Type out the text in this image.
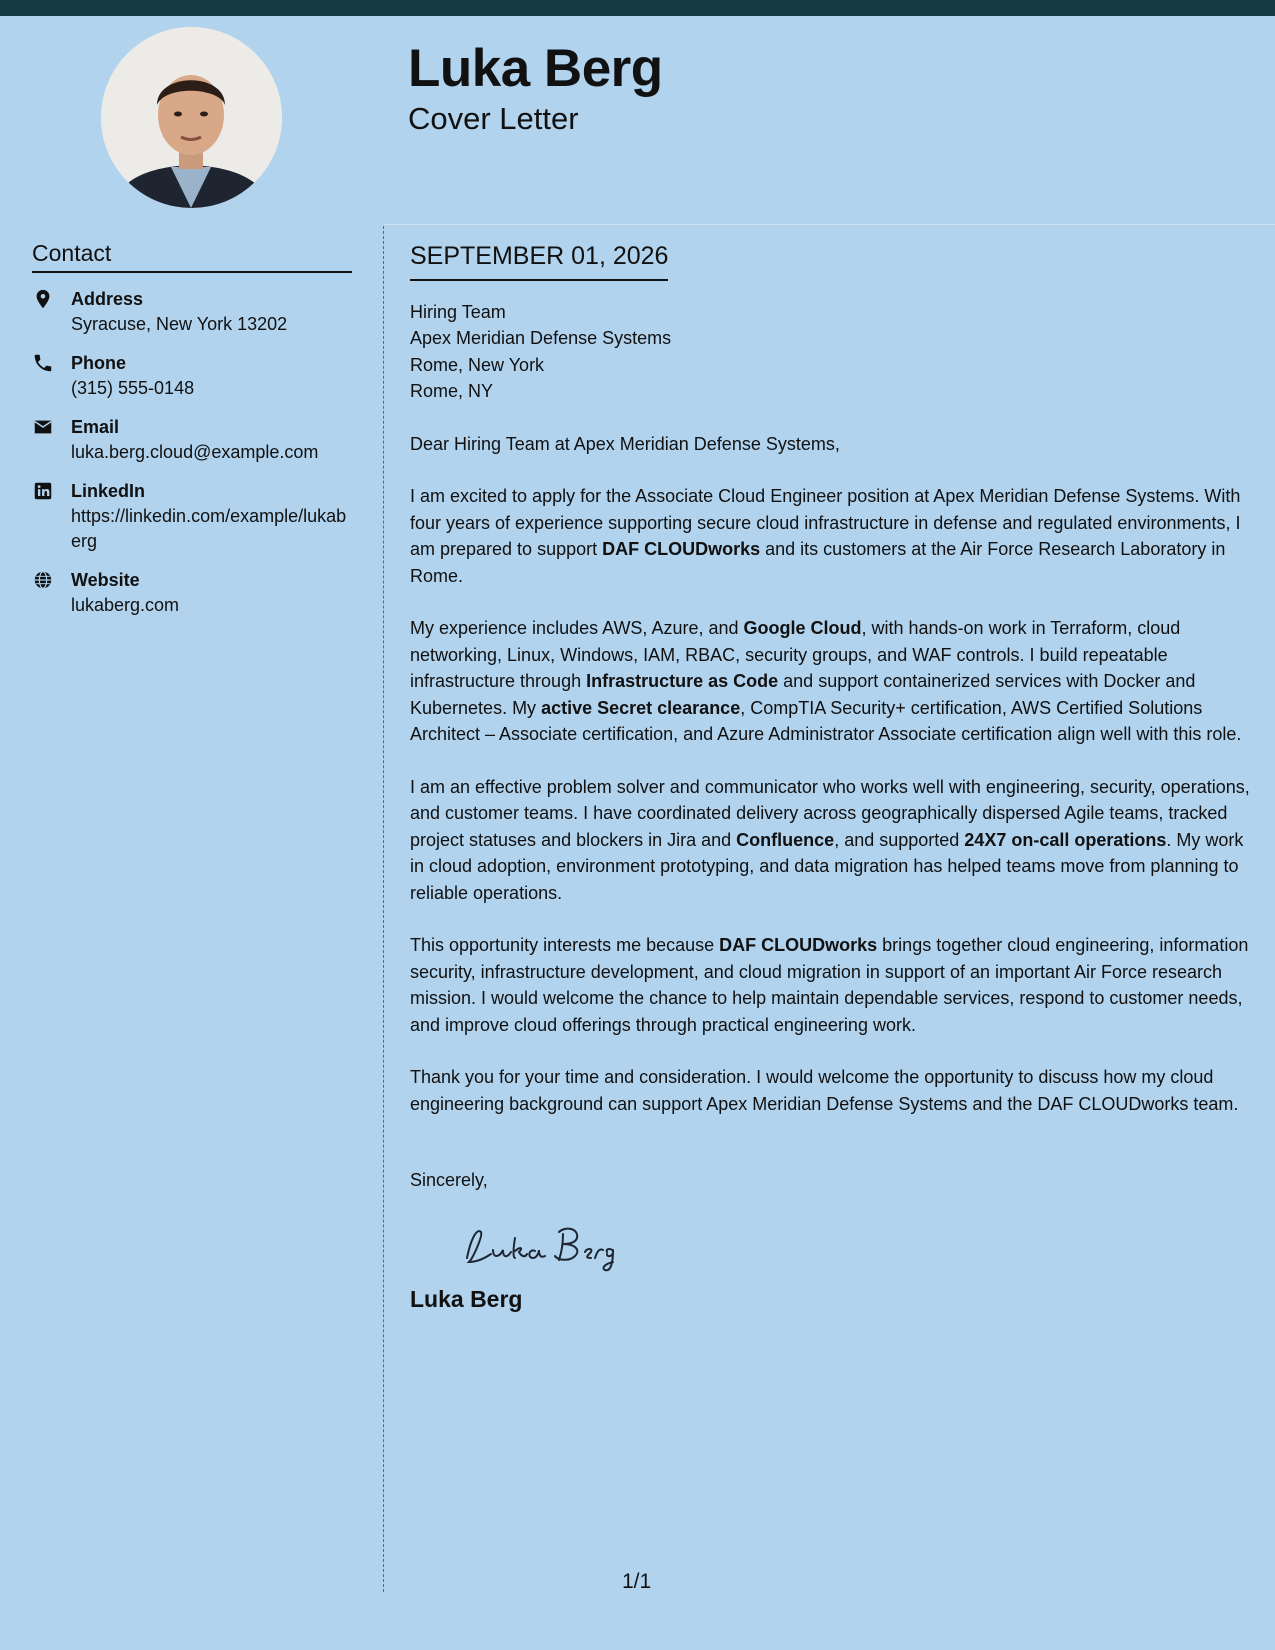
Luka Berg
Cover Letter
Contact
Address
Syracuse, New York 13202
Phone
(315) 555-0148
Email
luka.berg.cloud@example.com
LinkedIn
https://linkedin.com/example/lukaberg
Website
lukaberg.com
SEPTEMBER 01, 2026
Hiring Team
Apex Meridian Defense Systems
Rome, New York
Rome, NY
Dear Hiring Team at Apex Meridian Defense Systems,
I am excited to apply for the Associate Cloud Engineer position at Apex Meridian Defense Systems. With four years of experience supporting secure cloud infrastructure in defense and regulated environments, I am prepared to support DAF CLOUDworks and its customers at the Air Force Research Laboratory in Rome.
My experience includes AWS, Azure, and Google Cloud, with hands-on work in Terraform, cloud networking, Linux, Windows, IAM, RBAC, security groups, and WAF controls. I build repeatable infrastructure through Infrastructure as Code and support containerized services with Docker and Kubernetes. My active Secret clearance, CompTIA Security+ certification, AWS Certified Solutions Architect – Associate certification, and Azure Administrator Associate certification align well with this role.
I am an effective problem solver and communicator who works well with engineering, security, operations, and customer teams. I have coordinated delivery across geographically dispersed Agile teams, tracked project statuses and blockers in Jira and Confluence, and supported 24X7 on-call operations. My work in cloud adoption, environment prototyping, and data migration has helped teams move from planning to reliable operations.
This opportunity interests me because DAF CLOUDworks brings together cloud engineering, information security, infrastructure development, and cloud migration in support of an important Air Force research mission. I would welcome the chance to help maintain dependable services, respond to customer needs, and improve cloud offerings through practical engineering work.
Thank you for your time and consideration. I would welcome the opportunity to discuss how my cloud engineering background can support Apex Meridian Defense Systems and the DAF CLOUDworks team.
Sincerely,
Luka Berg
1/1
